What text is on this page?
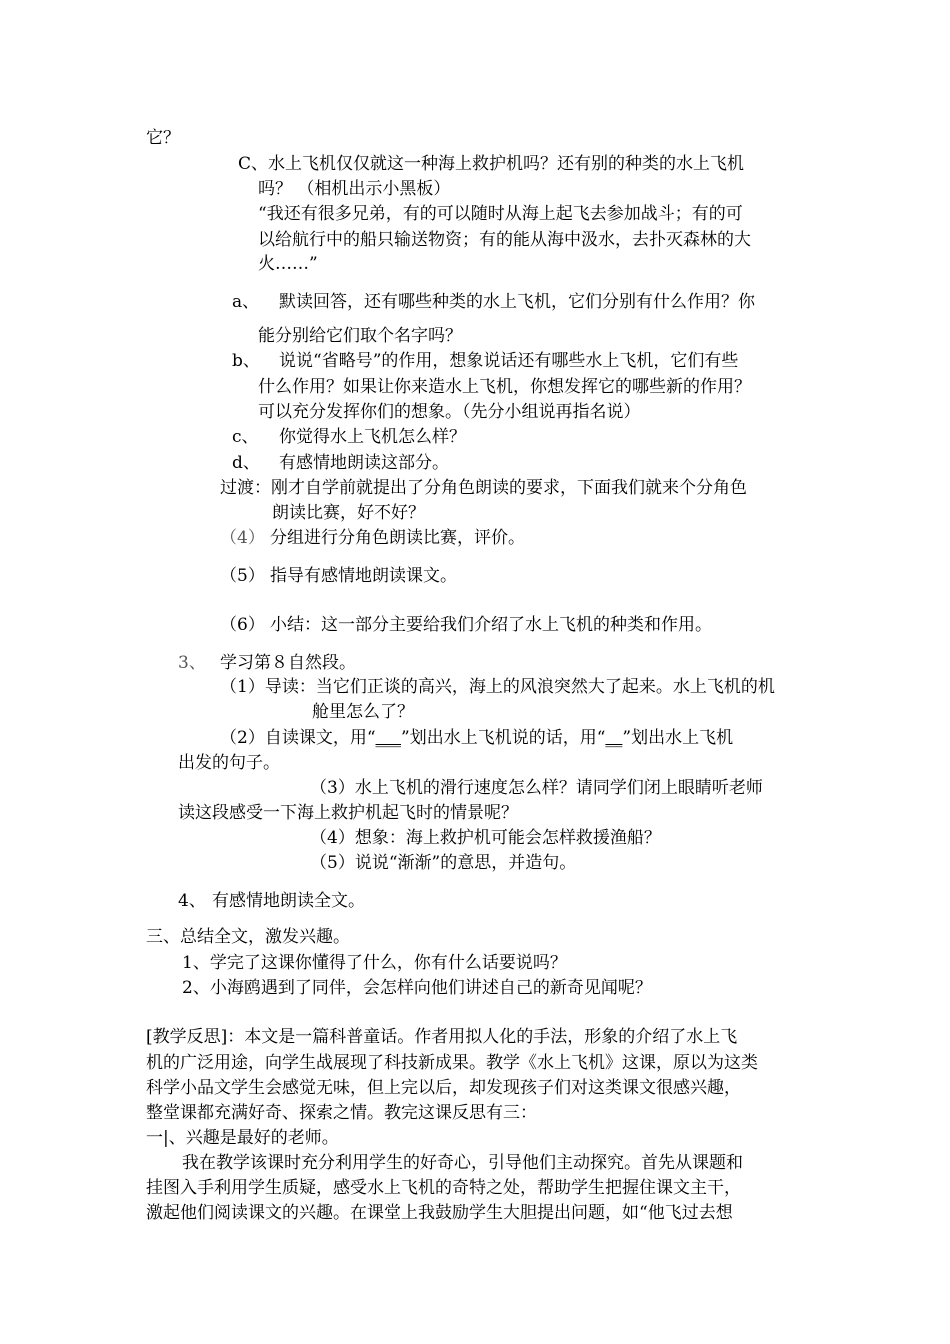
它？
C、水上飞机仅仅就这一种海上救护机吗？还有别的种类的水上飞机
吗？ （相机出示小黑板）
“我还有很多兄弟，有的可以随时从海上起飞去参加战斗；有的可
以给航行中的船只输送物资；有的能从海中汲水，去扑灭森林的大
火……”
a、 默读回答，还有哪些种类的水上飞机，它们分别有什么作用？你
能分别给它们取个名字吗？
b、 说说“省略号”的作用，想象说话还有哪些水上飞机，它们有些
什么作用？如果让你来造水上飞机，你想发挥它的哪些新的作用？
可以充分发挥你们的想象。（先分小组说再指名说）
c、 你觉得水上飞机怎么样？
d、 有感情地朗读这部分。
过渡：刚才自学前就提出了分角色朗读的要求，下面我们就来个分角色
朗读比赛，好不好？
（4） 分组进行分角色朗读比赛，评价。
（5） 指导有感情地朗读课文。
（6） 小结：这一部分主要给我们介绍了水上飞机的种类和作用。
3、 学习第８自然段。
（1）导读：当它们正谈的高兴，海上的风浪突然大了起来。水上飞机的机
舱里怎么了？
（2）自读课文，用“___”划出水上飞机说的话，用“__”划出水上飞机
出发的句子。
（3）水上飞机的滑行速度怎么样？请同学们闭上眼睛听老师
读这段感受一下海上救护机起飞时的情景呢？
（4）想象：海上救护机可能会怎样救援渔船？
（5）说说“渐渐”的意思，并造句。
4、 有感情地朗读全文。
三、总结全文，激发兴趣。
1、学完了这课你懂得了什么，你有什么话要说吗？
2、小海鸥遇到了同伴，会怎样向他们讲述自己的新奇见闻呢？
[教学反思]：本文是一篇科普童话。作者用拟人化的手法，形象的介绍了水上飞
机的广泛用途，向学生战展现了科技新成果。教学《水上飞机》这课，原以为这类
科学小品文学生会感觉无味，但上完以后，却发现孩子们对这类课文很感兴趣，
整堂课都充满好奇、探索之情。教完这课反思有三：
一|、兴趣是最好的老师。
我在教学该课时充分利用学生的好奇心，引导他们主动探究。首先从课题和
挂图入手利用学生质疑，感受水上飞机的奇特之处，帮助学生把握住课文主干，
激起他们阅读课文的兴趣。在课堂上我鼓励学生大胆提出问题，如“他飞过去想
